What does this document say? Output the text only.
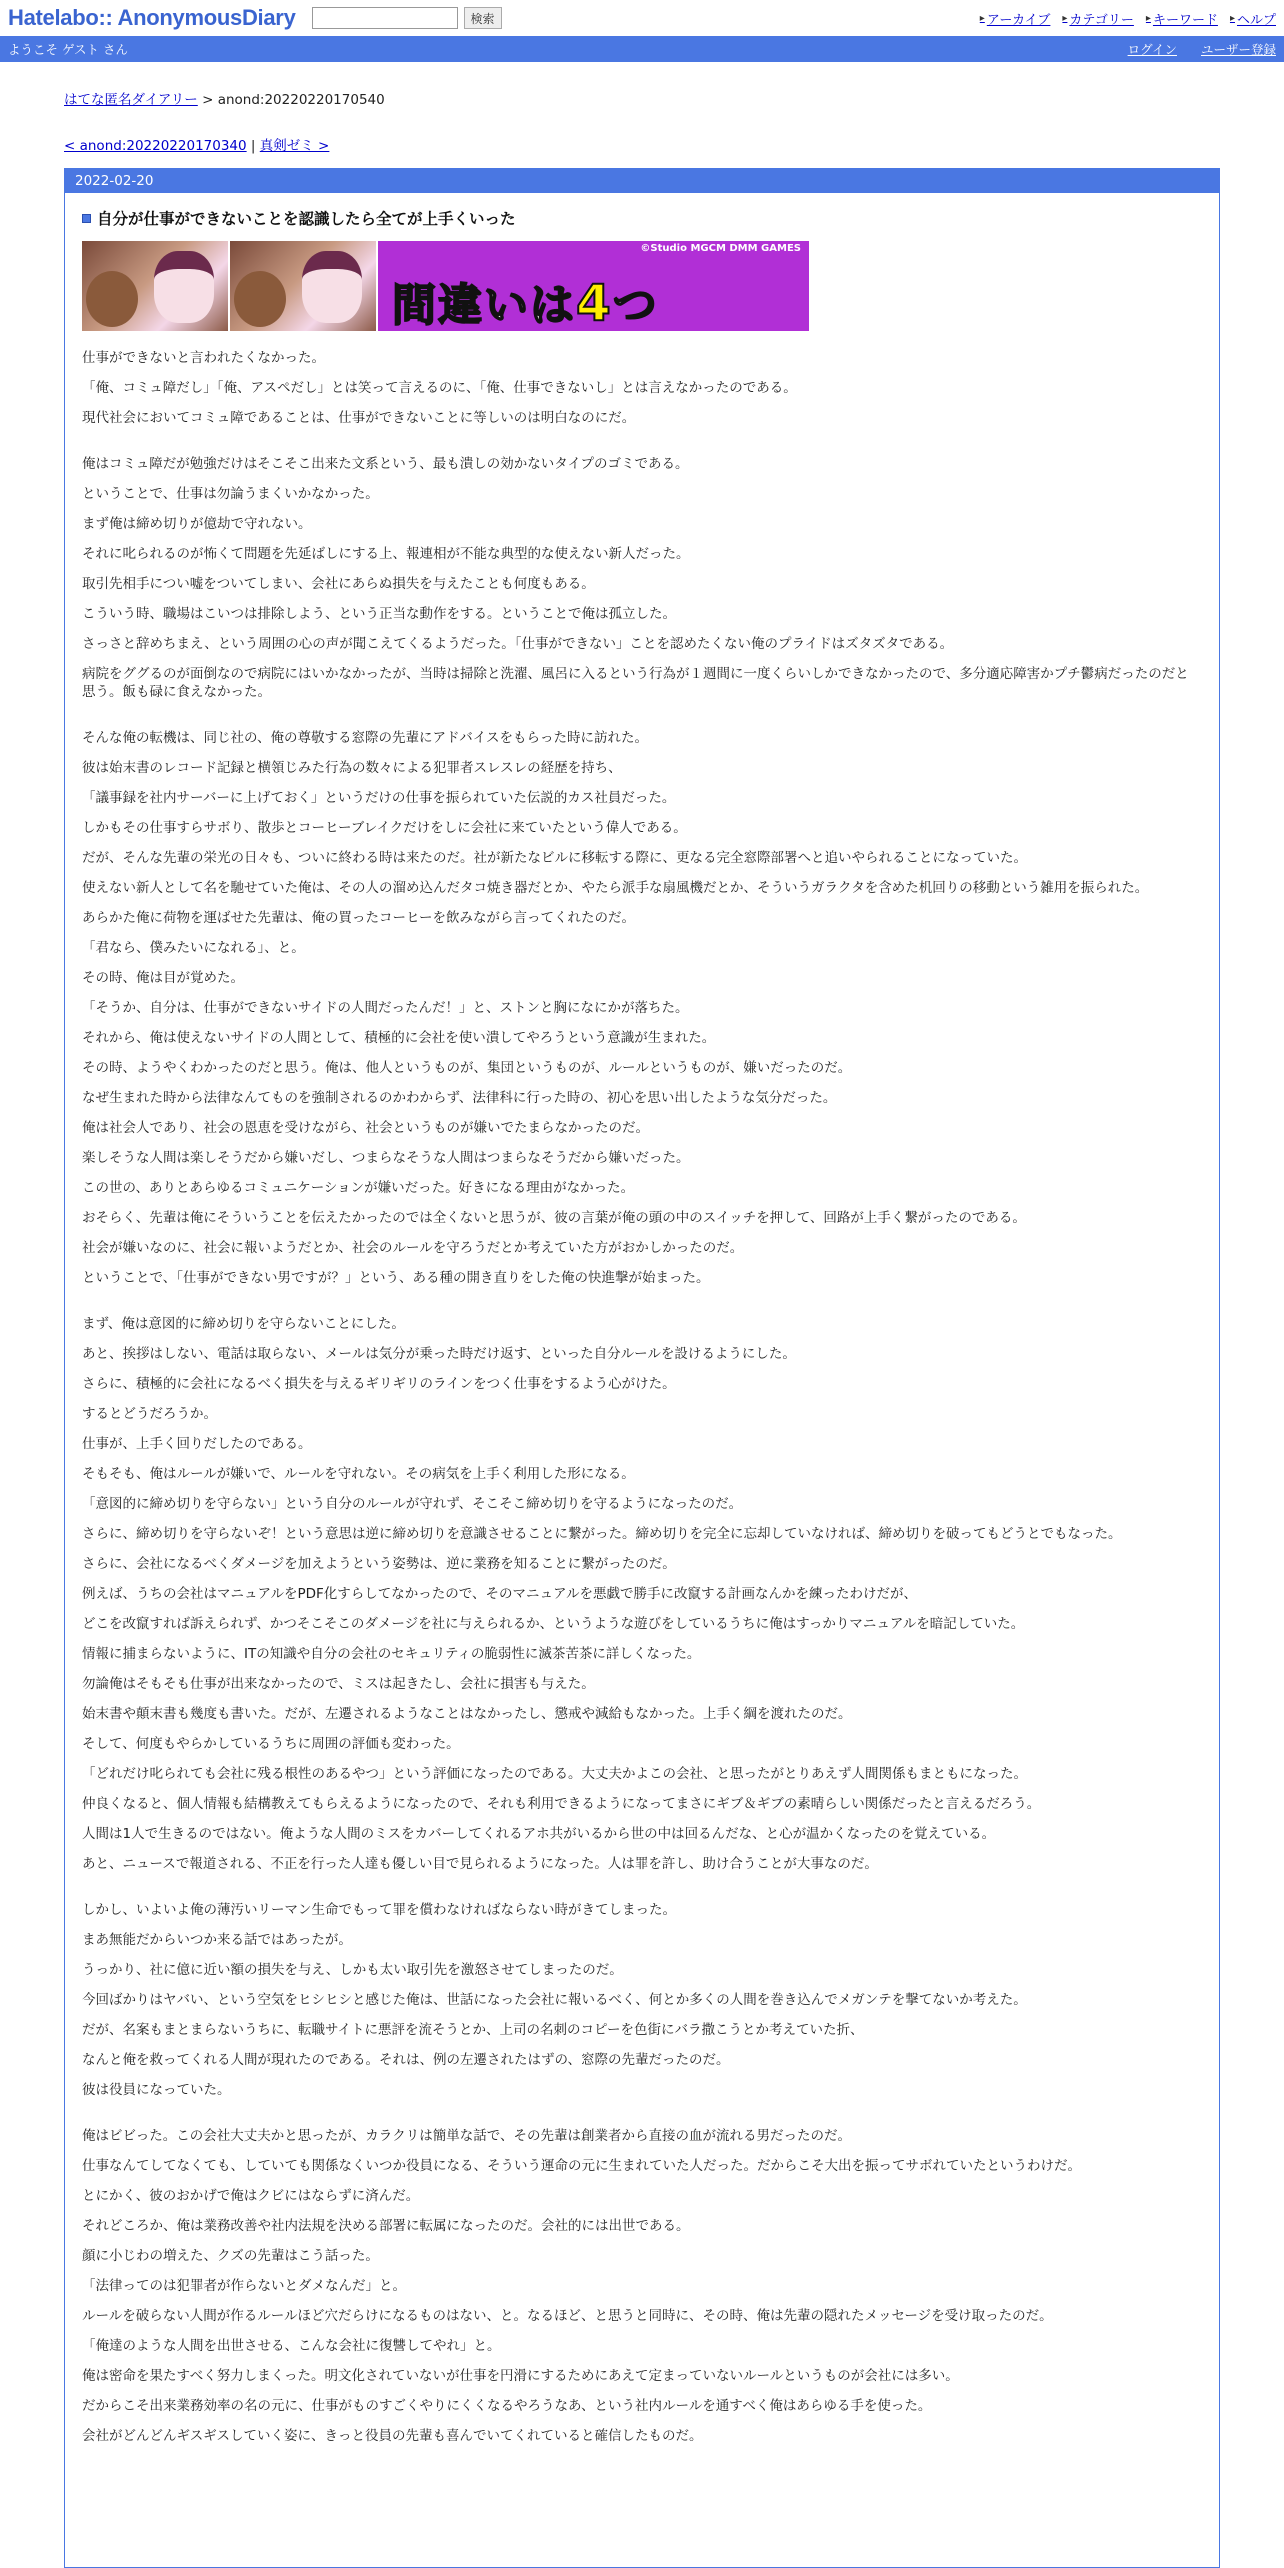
Hatelabo:: AnonymousDiary	検索	▸ アーカイブ ▸ カテゴリー ▸ キーワード ▸ ヘルプ
ようこそ ゲスト さん	ログイン ユーザー登録
はてな匿名ダイアリー > anond:20220220170540
< anond:20220220170340 | 真剣ゼミ >
2022-02-20
自分が仕事ができないことを認識したら全てが上手くいった
©Studio MGCM DMM GAMES
間違いは4つ

仕事ができないと言われたくなかった。

「俺、コミュ障だし」「俺、アスペだし」とは笑って言えるのに、「俺、仕事できないし」とは言えなかったのである。

現代社会においてコミュ障であることは、仕事ができないことに等しいのは明白なのにだ。

俺はコミュ障だが勉強だけはそこそこ出来た文系という、最も潰しの効かないタイプのゴミである。

ということで、仕事は勿論うまくいかなかった。

まず俺は締め切りが億劫で守れない。

それに叱られるのが怖くて問題を先延ばしにする上、報連相が不能な典型的な使えない新人だった。

取引先相手につい嘘をついてしまい、会社にあらぬ損失を与えたことも何度もある。

こういう時、職場はこいつは排除しよう、という正当な動作をする。ということで俺は孤立した。

さっさと辞めちまえ、という周囲の心の声が聞こえてくるようだった。「仕事ができない」ことを認めたくない俺のプライドはズタズタである。

病院をググるのが面倒なので病院にはいかなかったが、当時は掃除と洗濯、風呂に入るという行為が１週間に一度くらいしかできなかったので、多分適応障害かプチ鬱病だったのだと思う。飯も碌に食えなかった。

そんな俺の転機は、同じ社の、俺の尊敬する窓際の先輩にアドバイスをもらった時に訪れた。

彼は始末書のレコード記録と横領じみた行為の数々による犯罪者スレスレの経歴を持ち、

「議事録を社内サーバーに上げておく」というだけの仕事を振られていた伝説的カス社員だった。

しかもその仕事すらサボり、散歩とコーヒーブレイクだけをしに会社に来ていたという偉人である。

だが、そんな先輩の栄光の日々も、ついに終わる時は来たのだ。社が新たなビルに移転する際に、更なる完全窓際部署へと追いやられることになっていた。

使えない新人として名を馳せていた俺は、その人の溜め込んだタコ焼き器だとか、やたら派手な扇風機だとか、そういうガラクタを含めた机回りの移動という雑用を振られた。

あらかた俺に荷物を運ばせた先輩は、俺の買ったコーヒーを飲みながら言ってくれたのだ。

「君なら、僕みたいになれる」、と。

その時、俺は目が覚めた。

「そうか、自分は、仕事ができないサイドの人間だったんだ！」と、ストンと胸になにかが落ちた。

それから、俺は使えないサイドの人間として、積極的に会社を使い潰してやろうという意識が生まれた。

その時、ようやくわかったのだと思う。俺は、他人というものが、集団というものが、ルールというものが、嫌いだったのだ。

なぜ生まれた時から法律なんてものを強制されるのかわからず、法律科に行った時の、初心を思い出したような気分だった。

俺は社会人であり、社会の恩恵を受けながら、社会というものが嫌いでたまらなかったのだ。

楽しそうな人間は楽しそうだから嫌いだし、つまらなそうな人間はつまらなそうだから嫌いだった。

この世の、ありとあらゆるコミュニケーションが嫌いだった。好きになる理由がなかった。

おそらく、先輩は俺にそういうことを伝えたかったのでは全くないと思うが、彼の言葉が俺の頭の中のスイッチを押して、回路が上手く繋がったのである。

社会が嫌いなのに、社会に報いようだとか、社会のルールを守ろうだとか考えていた方がおかしかったのだ。

ということで、「仕事ができない男ですが？」という、ある種の開き直りをした俺の快進撃が始まった。

まず、俺は意図的に締め切りを守らないことにした。

あと、挨拶はしない、電話は取らない、メールは気分が乗った時だけ返す、といった自分ルールを設けるようにした。

さらに、積極的に会社になるべく損失を与えるギリギリのラインをつく仕事をするよう心がけた。

するとどうだろうか。

仕事が、上手く回りだしたのである。

そもそも、俺はルールが嫌いで、ルールを守れない。その病気を上手く利用した形になる。

「意図的に締め切りを守らない」という自分のルールが守れず、そこそこ締め切りを守るようになったのだ。

さらに、締め切りを守らないぞ！という意思は逆に締め切りを意識させることに繋がった。締め切りを完全に忘却していなければ、締め切りを破ってもどうとでもなった。

さらに、会社になるべくダメージを加えようという姿勢は、逆に業務を知ることに繋がったのだ。

例えば、うちの会社はマニュアルをPDF化すらしてなかったので、そのマニュアルを悪戯で勝手に改竄する計画なんかを練ったわけだが、

どこを改竄すれば訴えられず、かつそこそこのダメージを社に与えられるか、というような遊びをしているうちに俺はすっかりマニュアルを暗記していた。

情報に捕まらないように、ITの知識や自分の会社のセキュリティの脆弱性に滅茶苦茶に詳しくなった。

勿論俺はそもそも仕事が出来なかったので、ミスは起きたし、会社に損害も与えた。

始末書や顛末書も幾度も書いた。だが、左遷されるようなことはなかったし、懲戒や減給もなかった。上手く綱を渡れたのだ。

そして、何度もやらかしているうちに周囲の評価も変わった。

「どれだけ叱られても会社に残る根性のあるやつ」という評価になったのである。大丈夫かよこの会社、と思ったがとりあえず人間関係もまともになった。

仲良くなると、個人情報も結構教えてもらえるようになったので、それも利用できるようになってまさにギブ＆ギブの素晴らしい関係だったと言えるだろう。

人間は1人で生きるのではない。俺ような人間のミスをカバーしてくれるアホ共がいるから世の中は回るんだな、と心が温かくなったのを覚えている。

あと、ニュースで報道される、不正を行った人達も優しい目で見られるようになった。人は罪を許し、助け合うことが大事なのだ。

しかし、いよいよ俺の薄汚いリーマン生命でもって罪を償わなければならない時がきてしまった。

まあ無能だからいつか来る話ではあったが。

うっかり、社に億に近い額の損失を与え、しかも太い取引先を激怒させてしまったのだ。

今回ばかりはヤバい、という空気をヒシヒシと感じた俺は、世話になった会社に報いるべく、何とか多くの人間を巻き込んでメガンテを撃てないか考えた。

だが、名案もまとまらないうちに、転職サイトに悪評を流そうとか、上司の名刺のコピーを色街にバラ撒こうとか考えていた折、

なんと俺を救ってくれる人間が現れたのである。それは、例の左遷されたはずの、窓際の先輩だったのだ。

彼は役員になっていた。

俺はビビった。この会社大丈夫かと思ったが、カラクリは簡単な話で、その先輩は創業者から直接の血が流れる男だったのだ。

仕事なんてしてなくても、していても関係なくいつか役員になる、そういう運命の元に生まれていた人だった。だからこそ大出を振ってサボれていたというわけだ。

とにかく、彼のおかげで俺はクビにはならずに済んだ。

それどころか、俺は業務改善や社内法規を決める部署に転属になったのだ。会社的には出世である。

顔に小じわの増えた、クズの先輩はこう話った。

「法律ってのは犯罪者が作らないとダメなんだ」と。

ルールを破らない人間が作るルールほど穴だらけになるものはない、と。なるほど、と思うと同時に、その時、俺は先輩の隠れたメッセージを受け取ったのだ。

「俺達のような人間を出世させる、こんな会社に復讐してやれ」と。

俺は密命を果たすべく努力しまくった。明文化されていないが仕事を円滑にするためにあえて定まっていないルールというものが会社には多い。

だからこそ出来業務効率の名の元に、仕事がものすごくやりにくくなるやろうなあ、という社内ルールを通すべく俺はあらゆる手を使った。

会社がどんどんギスギスしていく姿に、きっと役員の先輩も喜んでいてくれていると確信したものだ。
